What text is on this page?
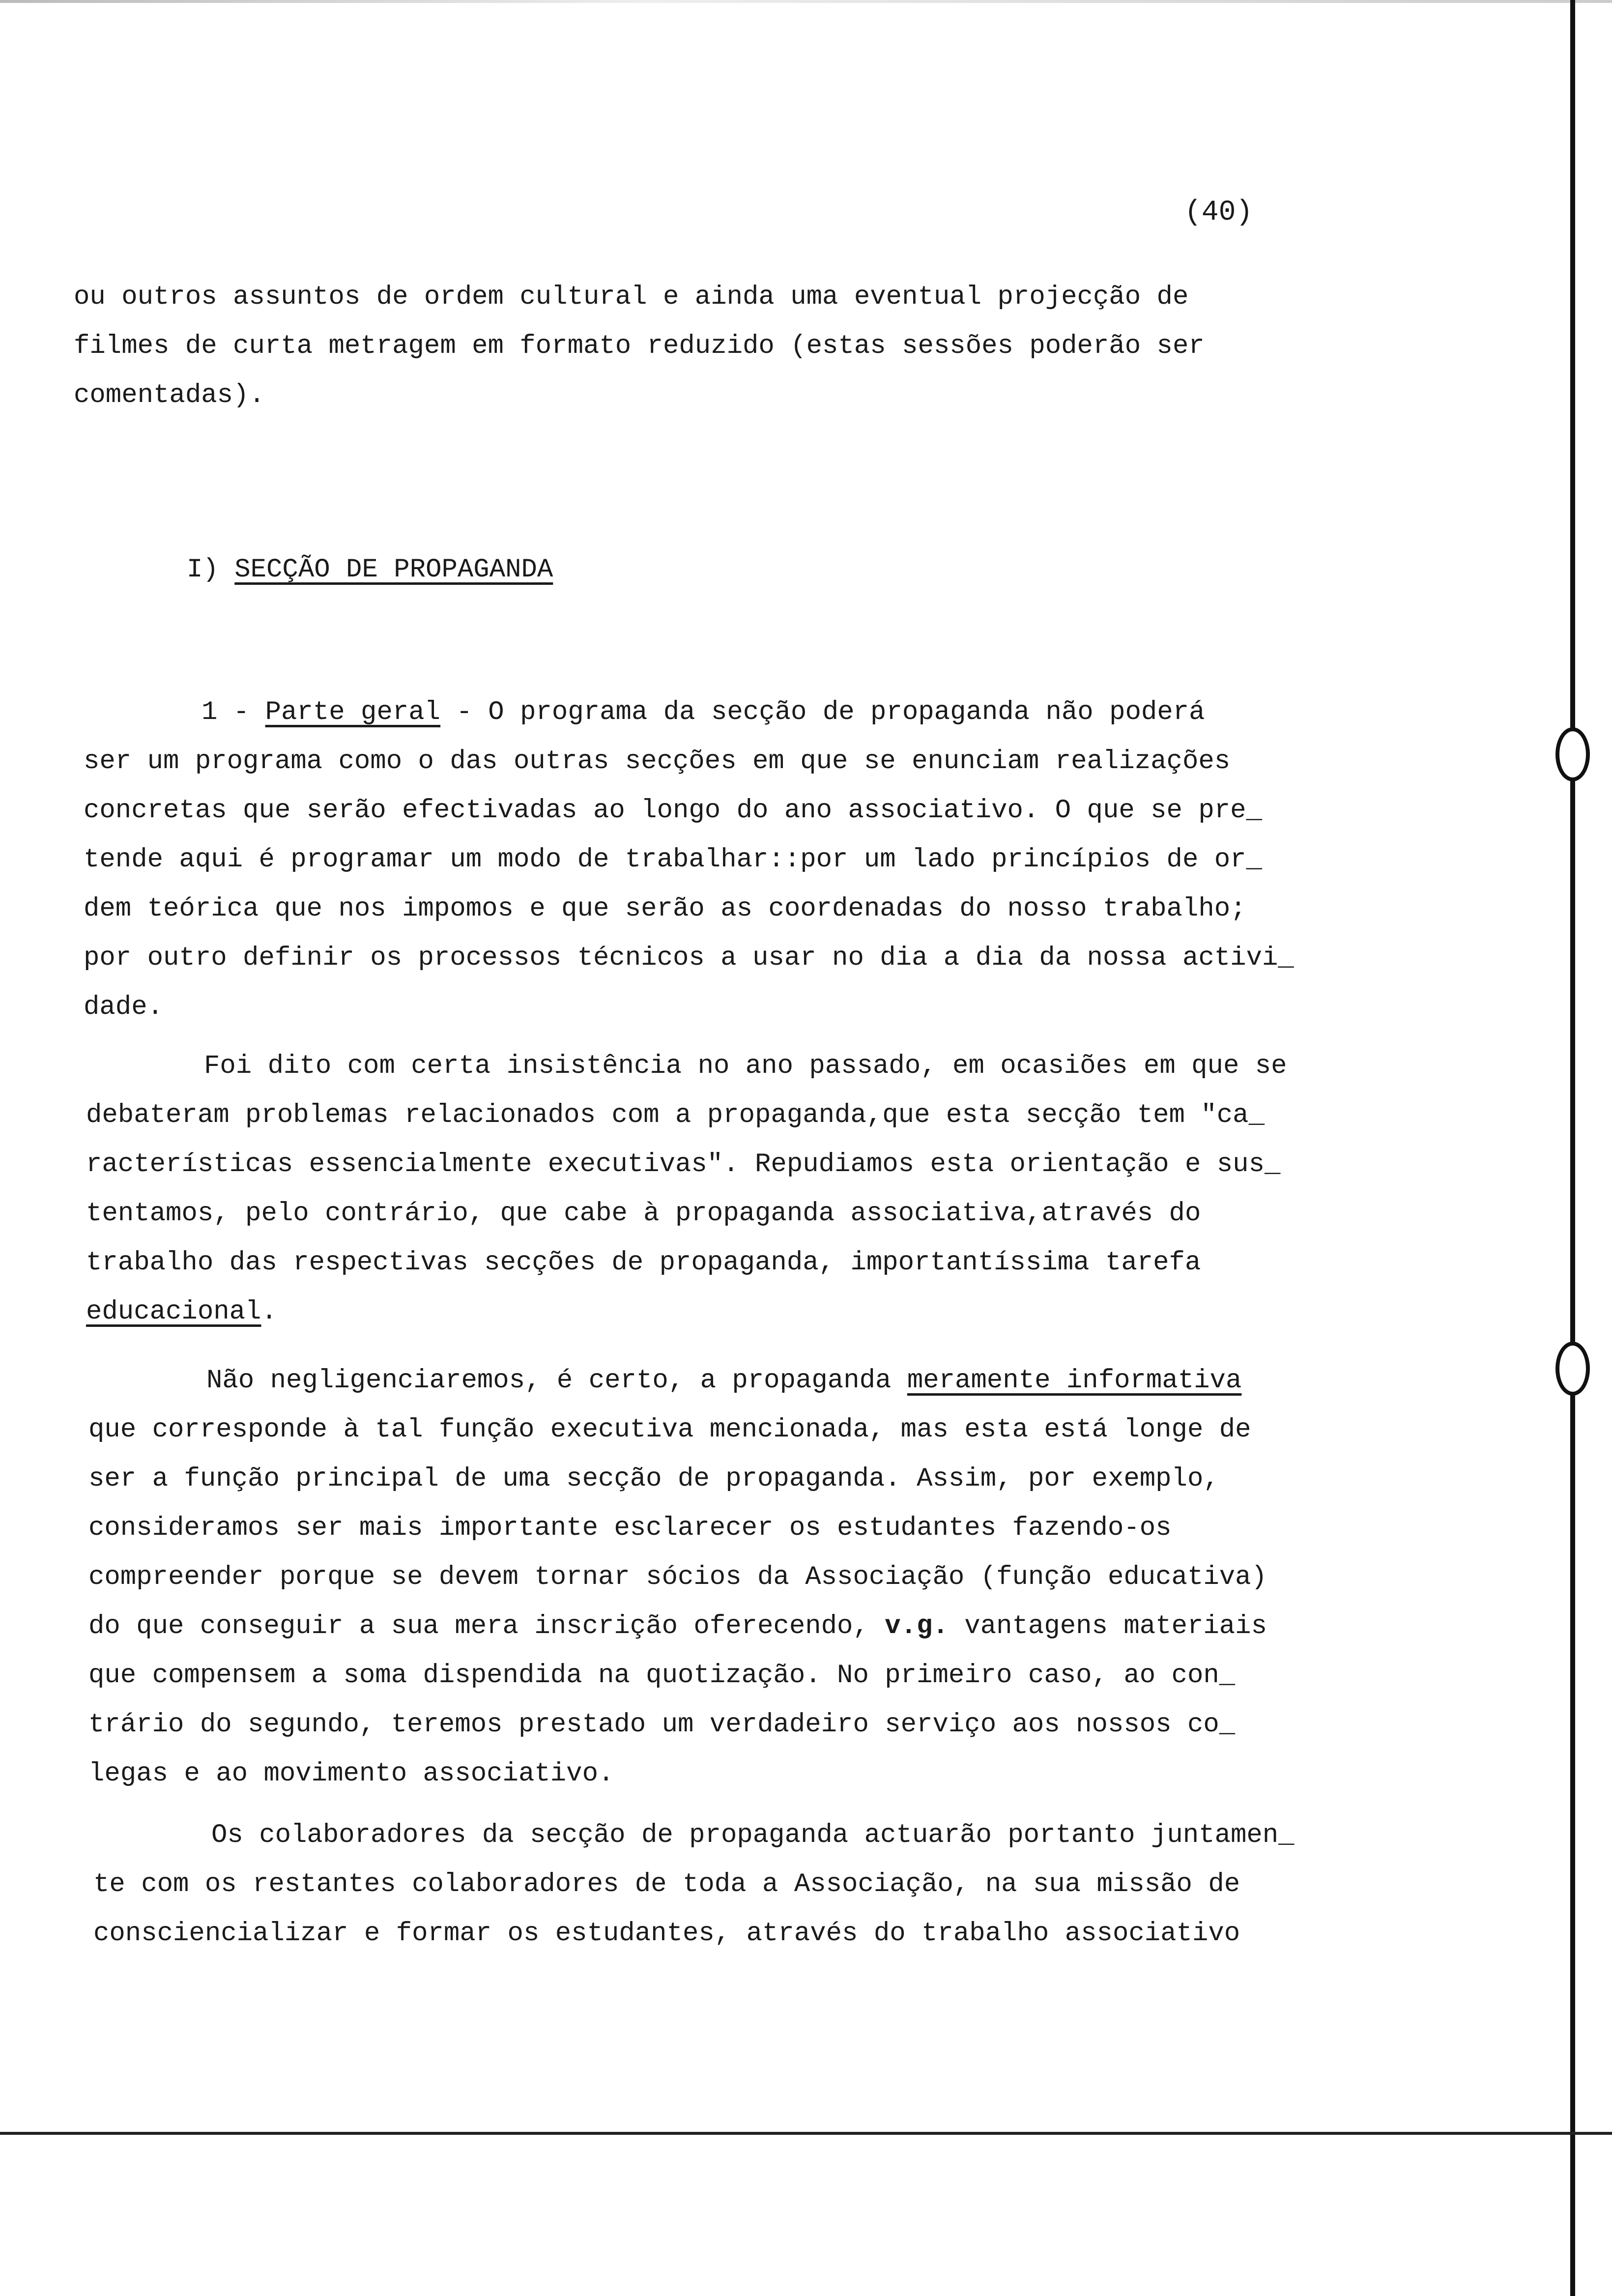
(40)
ou outros assuntos de ordem cultural e ainda uma eventual projecção de
filmes de curta metragem em formato reduzido (estas sessões poderão ser
comentadas).
I) SECÇÃO DE PROPAGANDA
1 - Parte geral - O programa da secção de propaganda não poderá
ser um programa como o das outras secções em que se enunciam realizações
concretas que serão efectivadas ao longo do ano associativo. O que se pre_
tende aqui é programar um modo de trabalhar::por um lado princípios de or_
dem teórica que nos impomos e que serão as coordenadas do nosso trabalho;
por outro definir os processos técnicos a usar no dia a dia da nossa activi_
dade.
Foi dito com certa insistência no ano passado, em ocasiões em que se
debateram problemas relacionados com a propaganda,que esta secção tem "ca_
racterísticas essencialmente executivas". Repudiamos esta orientação e sus_
tentamos, pelo contrário, que cabe à propaganda associativa,através do
trabalho das respectivas secções de propaganda, importantíssima tarefa
educacional.
Não negligenciaremos, é certo, a propaganda meramente informativa
que corresponde à tal função executiva mencionada, mas esta está longe de
ser a função principal de uma secção de propaganda. Assim, por exemplo,
consideramos ser mais importante esclarecer os estudantes fazendo-os
compreender porque se devem tornar sócios da Associação (função educativa)
do que conseguir a sua mera inscrição oferecendo, v.g. vantagens materiais
que compensem a soma dispendida na quotização. No primeiro caso, ao con_
trário do segundo, teremos prestado um verdadeiro serviço aos nossos co_
legas e ao movimento associativo.
Os colaboradores da secção de propaganda actuarão portanto juntamen_
te com os restantes colaboradores de toda a Associação, na sua missão de
consciencializar e formar os estudantes, através do trabalho associativo
